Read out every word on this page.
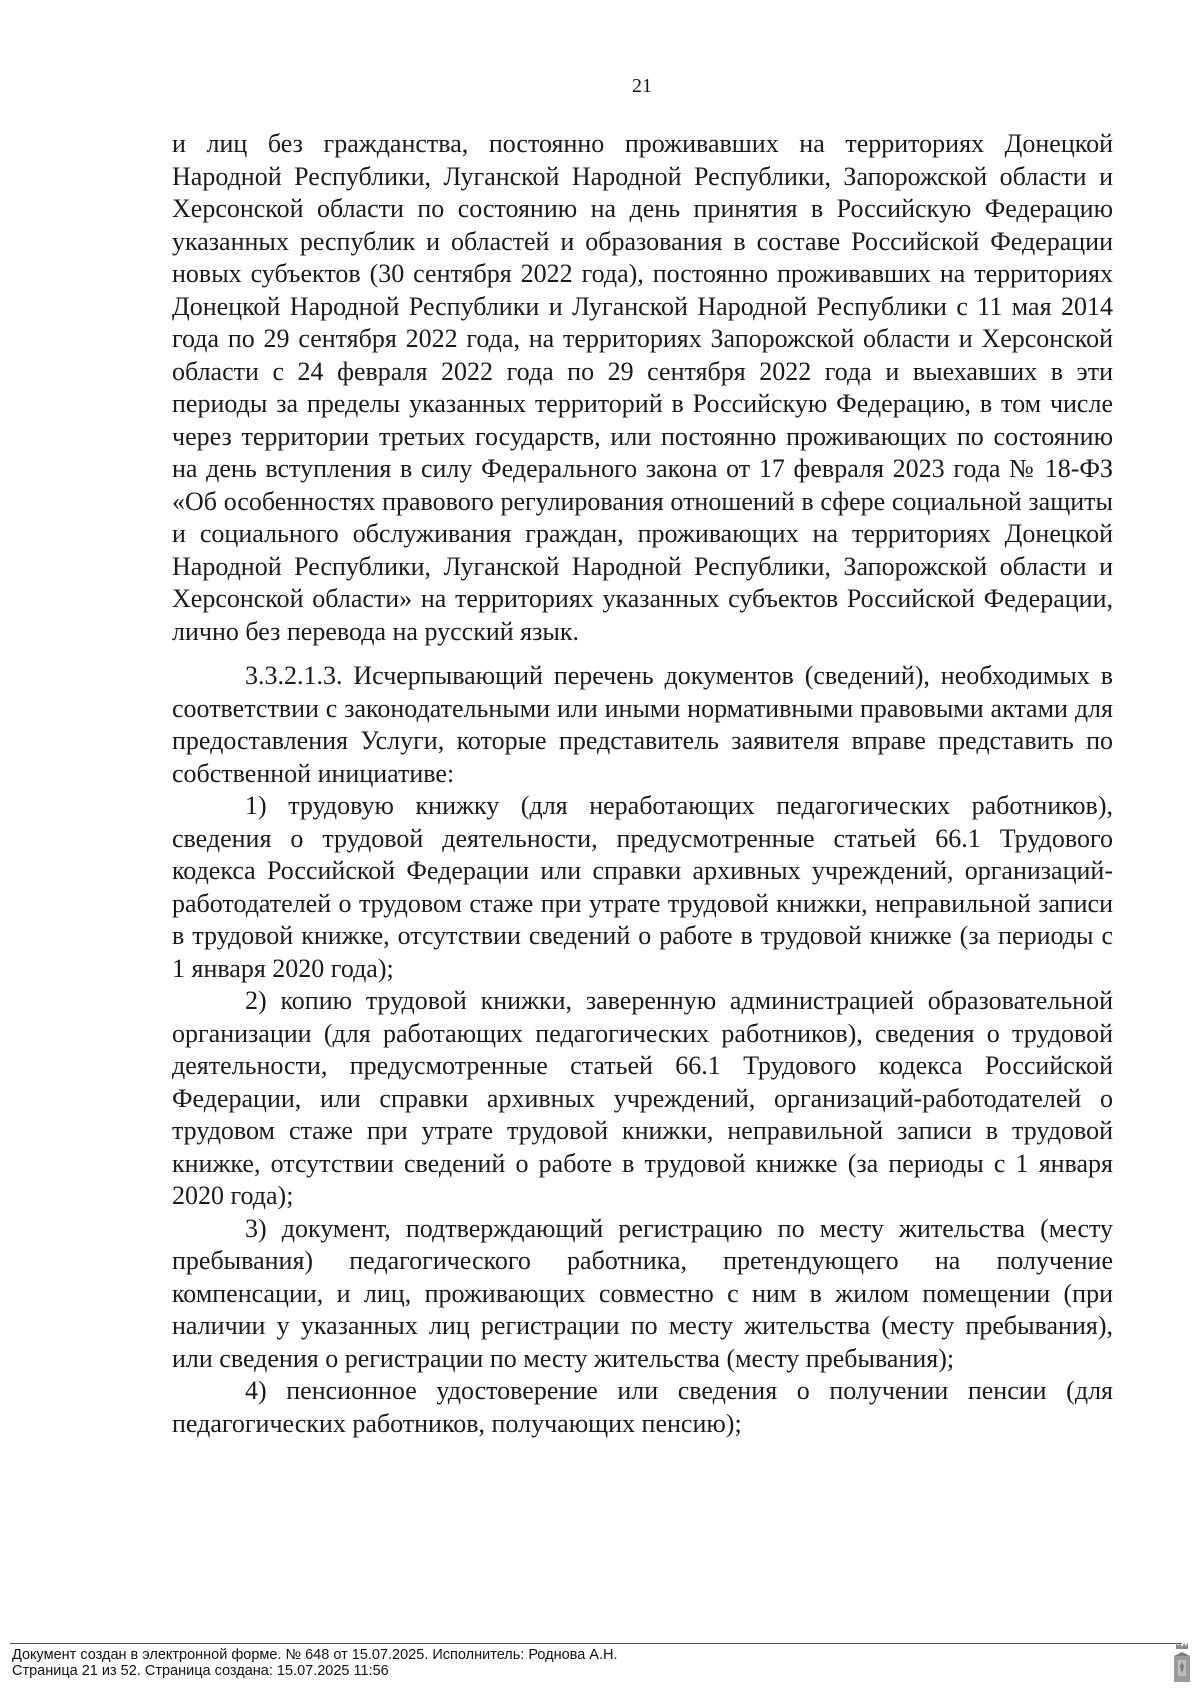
21

и лиц без гражданства, постоянно проживавших на территориях Донецкой Народной Республики, Луганской Народной Республики, Запорожской области и Херсонской области по состоянию на день принятия в Российскую Федерацию указанных республик и областей и образования в составе Российской Федерации новых субъектов (30 сентября 2022 года), постоянно проживавших на территориях Донецкой Народной Республики и Луганской Народной Республики с 11 мая 2014 года по 29 сентября 2022 года, на территориях Запорожской области и Херсонской области с 24 февраля 2022 года по 29 сентября 2022 года и выехавших в эти периоды за пределы указанных территорий в Российскую Федерацию, в том числе через территории третьих государств, или постоянно проживающих по состоянию на день вступления в силу Федерального закона от 17 февраля 2023 года № 18-ФЗ «Об особенностях правового регулирования отношений в сфере социальной защиты и социального обслуживания граждан, проживающих на территориях Донецкой Народной Республики, Луганской Народной Республики, Запорожской области и Херсонской области» на территориях указанных субъектов Российской Федерации, лично без перевода на русский язык.

3.3.2.1.3. Исчерпывающий перечень документов (сведений), необходимых в соответствии с законодательными или иными нормативными правовыми актами для предоставления Услуги, которые представитель заявителя вправе представить по собственной инициативе:

1) трудовую книжку (для неработающих педагогических работников), сведения о трудовой деятельности, предусмотренные статьей 66.1 Трудового кодекса Российской Федерации или справки архивных учреждений, организаций-работодателей о трудовом стаже при утрате трудовой книжки, неправильной записи в трудовой книжке, отсутствии сведений о работе в трудовой книжке (за периоды с 1 января 2020 года);

2) копию трудовой книжки, заверенную администрацией образовательной организации (для работающих педагогических работников), сведения о трудовой деятельности, предусмотренные статьей 66.1 Трудового кодекса Российской Федерации, или справки архивных учреждений, организаций-работодателей о трудовом стаже при утрате трудовой книжки, неправильной записи в трудовой книжке, отсутствии сведений о работе в трудовой книжке (за периоды с 1 января 2020 года);

3) документ, подтверждающий регистрацию по месту жительства (месту пребывания) педагогического работника, претендующего на получение компенсации, и лиц, проживающих совместно с ним в жилом помещении (при наличии у указанных лиц регистрации по месту жительства (месту пребывания), или сведения о регистрации по месту жительства (месту пребывания);

4) пенсионное удостоверение или сведения о получении пенсии (для педагогических работников, получающих пенсию);

Документ создан в электронной форме. № 648 от 15.07.2025. Исполнитель: Роднова А.Н.
Страница 21 из 52. Страница создана: 15.07.2025 11:56
